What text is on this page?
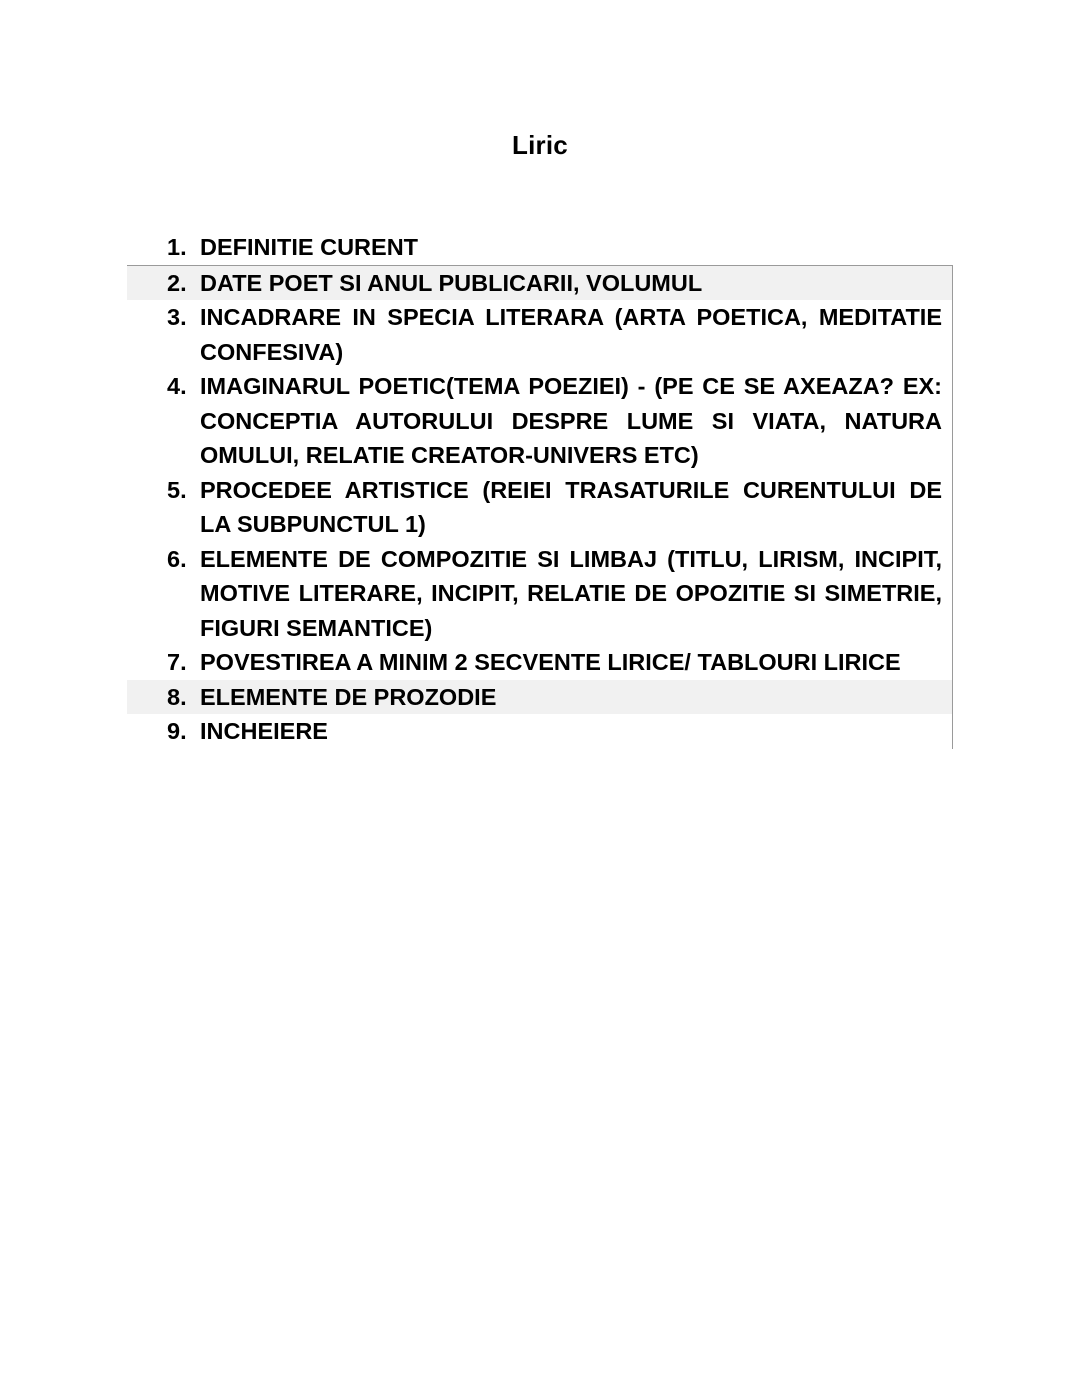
Liric
1. DEFINITIE CURENT
2. DATE POET SI ANUL PUBLICARII, VOLUMUL
3. INCADRARE IN SPECIA LITERARA (ARTA POETICA, MEDITATIE CONFESIVA)
4. IMAGINARUL POETIC(TEMA POEZIEI) - (PE CE SE AXEAZA? EX: CONCEPTIA AUTORULUI DESPRE LUME SI VIATA, NATURA OMULUI, RELATIE CREATOR-UNIVERS ETC)
5. PROCEDEE ARTISTICE (REIEI TRASATURILE CURENTULUI DE LA SUBPUNCTUL 1)
6. ELEMENTE DE COMPOZITIE SI LIMBAJ (TITLU, LIRISM, INCIPIT, MOTIVE LITERARE, INCIPIT, RELATIE DE OPOZITIE SI SIMETRIE, FIGURI SEMANTICE)
7. POVESTIREA A MINIM 2 SECVENTE LIRICE/ TABLOURI LIRICE
8. ELEMENTE DE PROZODIE
9. INCHEIERE
